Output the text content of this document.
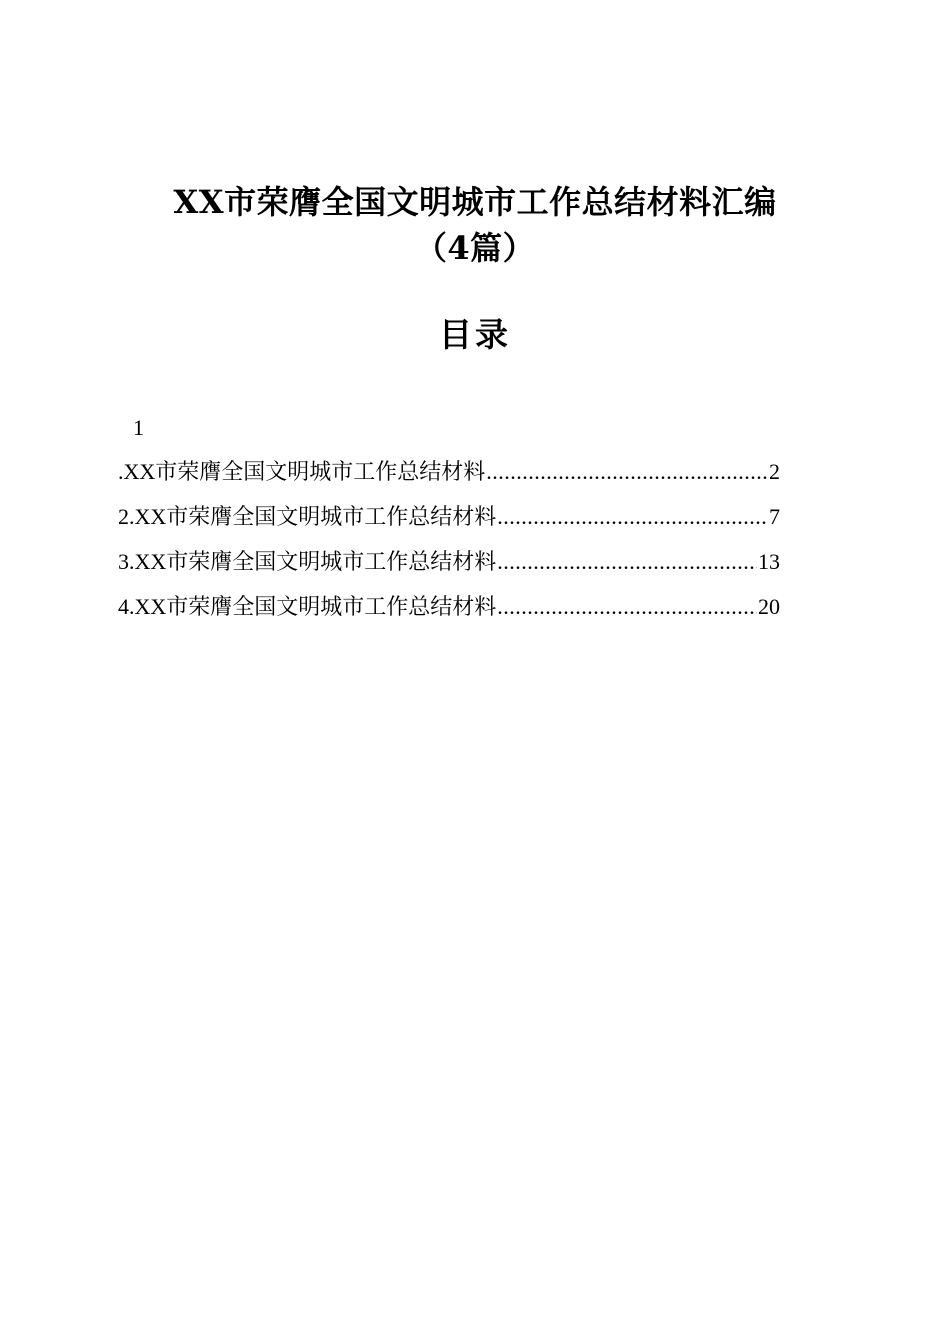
XX市荣膺全国文明城市工作总结材料汇编
（4篇）
目录
1
. XX市荣膺全国文明城市工作总结材料 .....	2
2. XX市荣膺全国文明城市工作总结材料 .....	7
3. XX市荣膺全国文明城市工作总结材料 .....	13
4. XX市荣膺全国文明城市工作总结材料 .....	20
